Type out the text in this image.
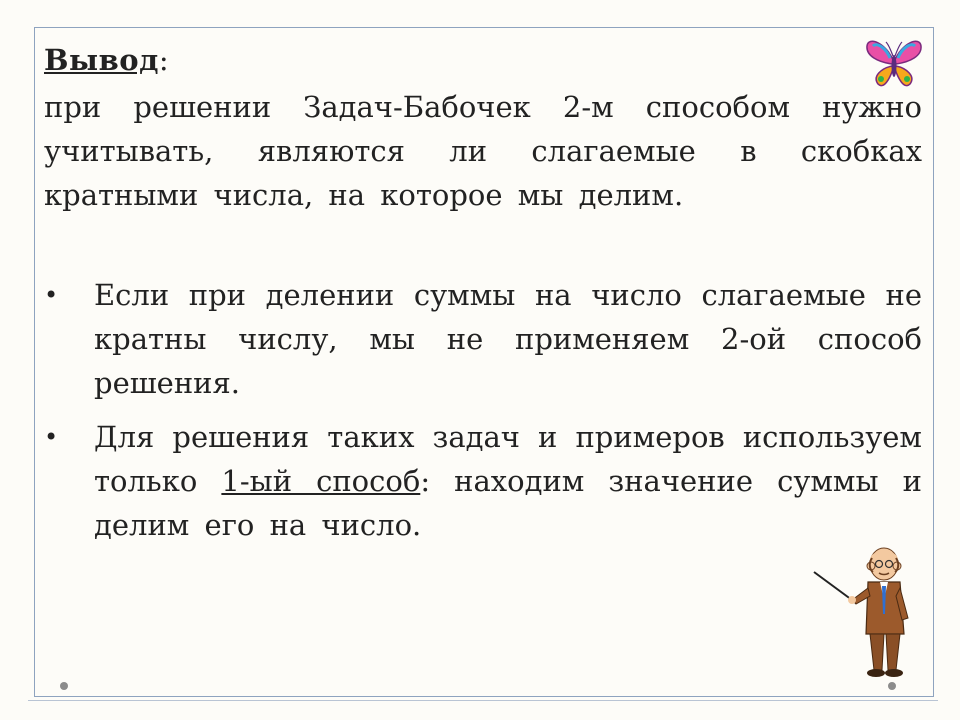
Вывод:

при решении Задач-Бабочек 2-м способом нужно учитывать, являются ли слагаемые в скобках кратными числа, на которое мы делим.

• Если при делении суммы на число слагаемые не кратны числу, мы не применяем 2-ой способ решения.
• Для решения таких задач и примеров используем только 1-ый способ: находим значение суммы и делим его на число.
